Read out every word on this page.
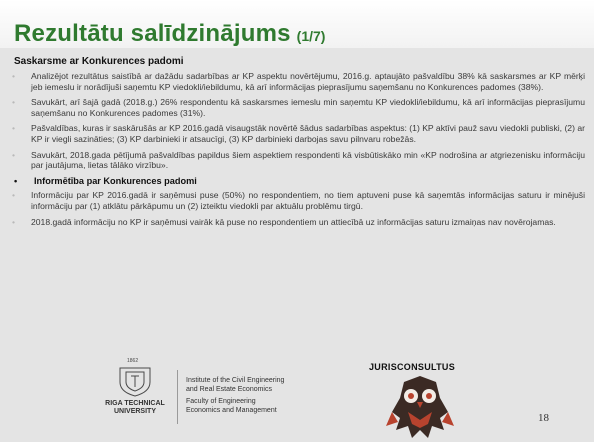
Rezultātu salīdzinājums (1/7)
Saskarsme ar Konkurences padomi
• Analizējot rezultātus saistībā ar dažādu sadarbības ar KP aspektu novērtējumu, 2016.g. aptaujāto pašvaldību 38% kā saskarsmes ar KP mērķi jeb iemeslu ir norādījuši saņemtu KP viedokli/iebildumu, kā arī informācijas pieprasījumu saņemšanu no Konkurences padomes (38%).
• Savukārt, arī šajā gadā (2018.g.) 26% respondentu kā saskarsmes iemeslu min saņemtu KP viedokli/iebildumu, kā arī informācijas pieprasījumu saņemšanu no Konkurences padomes (31%).
• Pašvaldības, kuras ir saskārušās ar KP 2016.gadā visaugstāk novērtē šādus sadarbības aspektus: (1) KP aktīvi pauž savu viedokli publiski, (2) ar KP ir viegli sazināties; (3) KP darbinieki ir atsaucīgi, (3) KP darbinieki darbojas savu pilnvaru robežās.
• Savukārt, 2018.gada pētījumā pašvaldības papildus šiem aspektiem respondenti kā visbūtiskāko min «KP nodrošina ar atgriezenisku informāciju par jautājuma, lietas tālāko virzību».
• Informētība par Konkurences padomi
• Informāciju par KP 2016.gadā ir saņēmusi puse (50%) no respondentiem, no tiem aptuveni puse kā saņemtās informācijas saturu ir minējuši informāciju par (1) atklātu pārkāpumu un (2) izteiktu viedokli par aktuālu problēmu tirgū.
• 2018.gadā informāciju no KP ir saņēmusi vairāk kā puse no respondentiem un attiecībā uz informācijas saturu izmaiņas nav novērojamas.
1862
RIGA TECHNICAL
UNIVERSITY
Institute of the Civil Engineering
and Real Estate Economics
Faculty of Engineering
Economics and Management
JURISCONSULTUS
18
